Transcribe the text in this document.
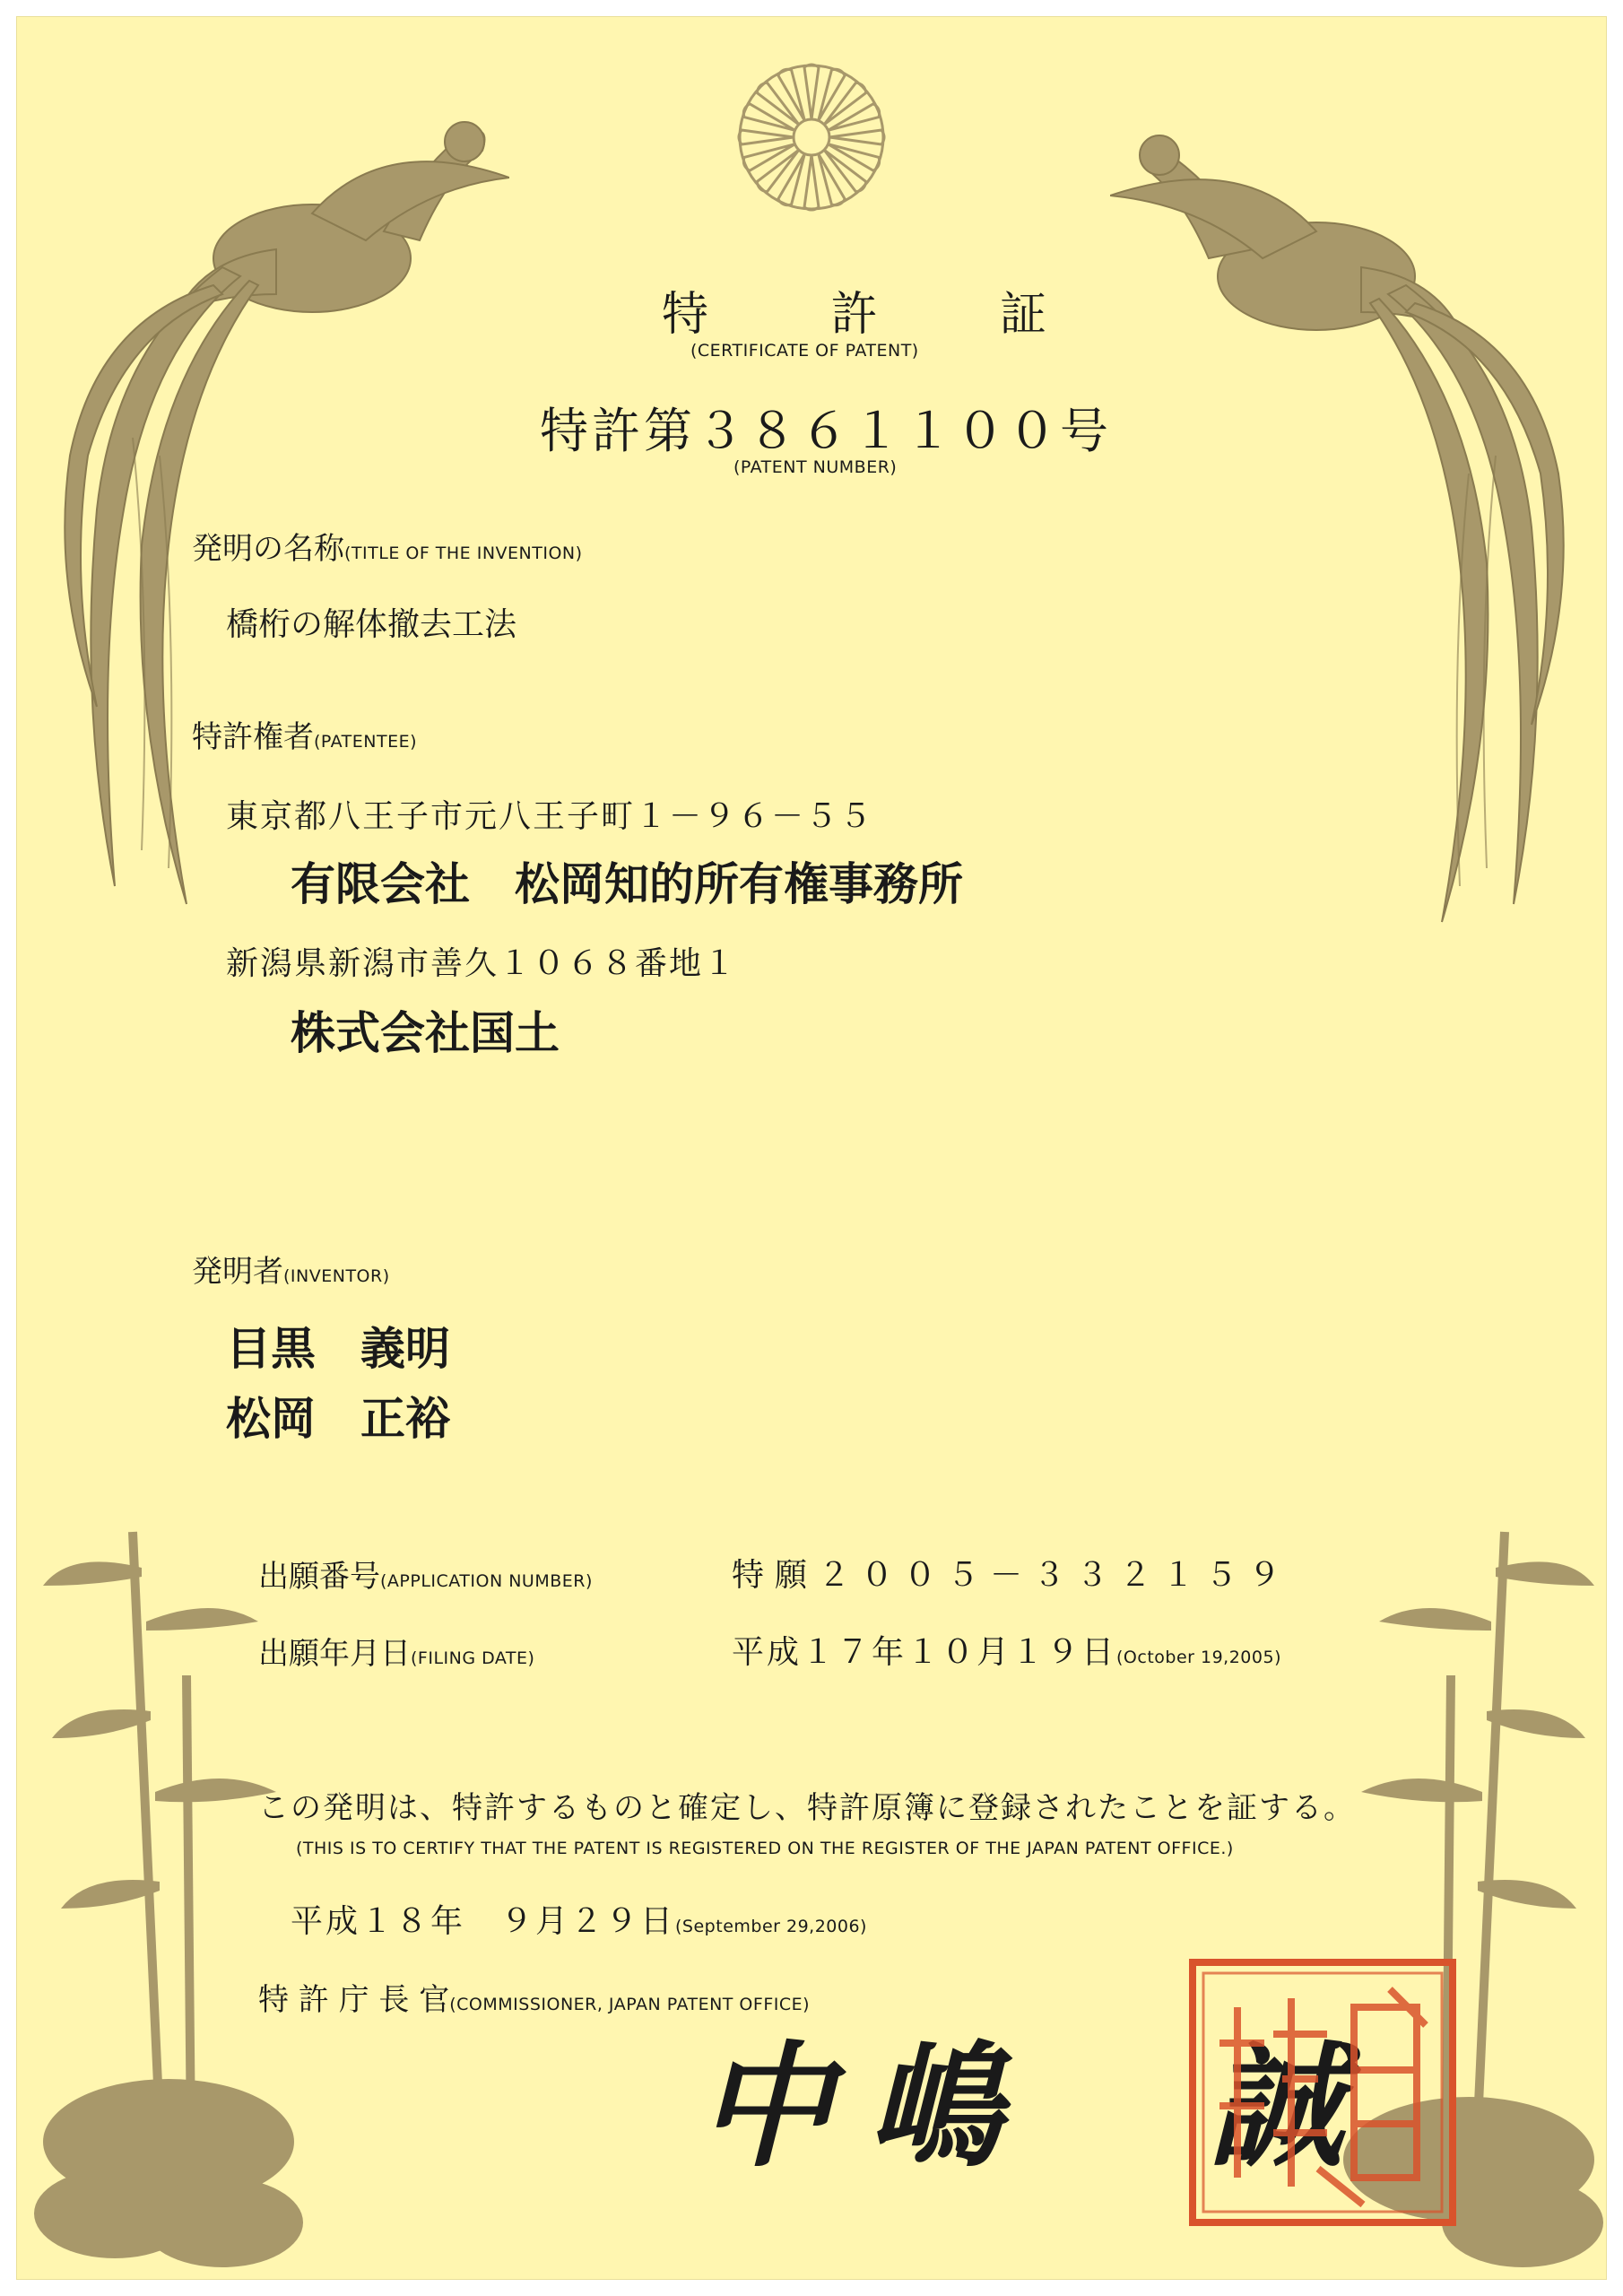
特 許 証
(CERTIFICATE OF PATENT)
特許第３８６１１００号
(PATENT NUMBER)
発明の名称(TITLE OF THE INVENTION)
橋桁の解体撤去工法
特許権者(PATENTEE)
東京都八王子市元八王子町１－９６－５５
有限会社　松岡知的所有権事務所
新潟県新潟市善久１０６８番地１
株式会社国土
発明者(INVENTOR)
目黒　義明
松岡　正裕
出願番号(APPLICATION NUMBER)	特願２００５－３３２１５９
出願年月日(FILING DATE)	平成１７年１０月１９日(October 19,2005)
この発明は、特許するものと確定し、特許原簿に登録されたことを証する。
(THIS IS TO CERTIFY THAT THE PATENT IS REGISTERED ON THE REGISTER OF THE JAPAN PATENT OFFICE.)
平成１８年　９月２９日(September 29,2006)
特 許 庁 長 官(COMMISSIONER, JAPAN PATENT OFFICE)
中嶋　誠
